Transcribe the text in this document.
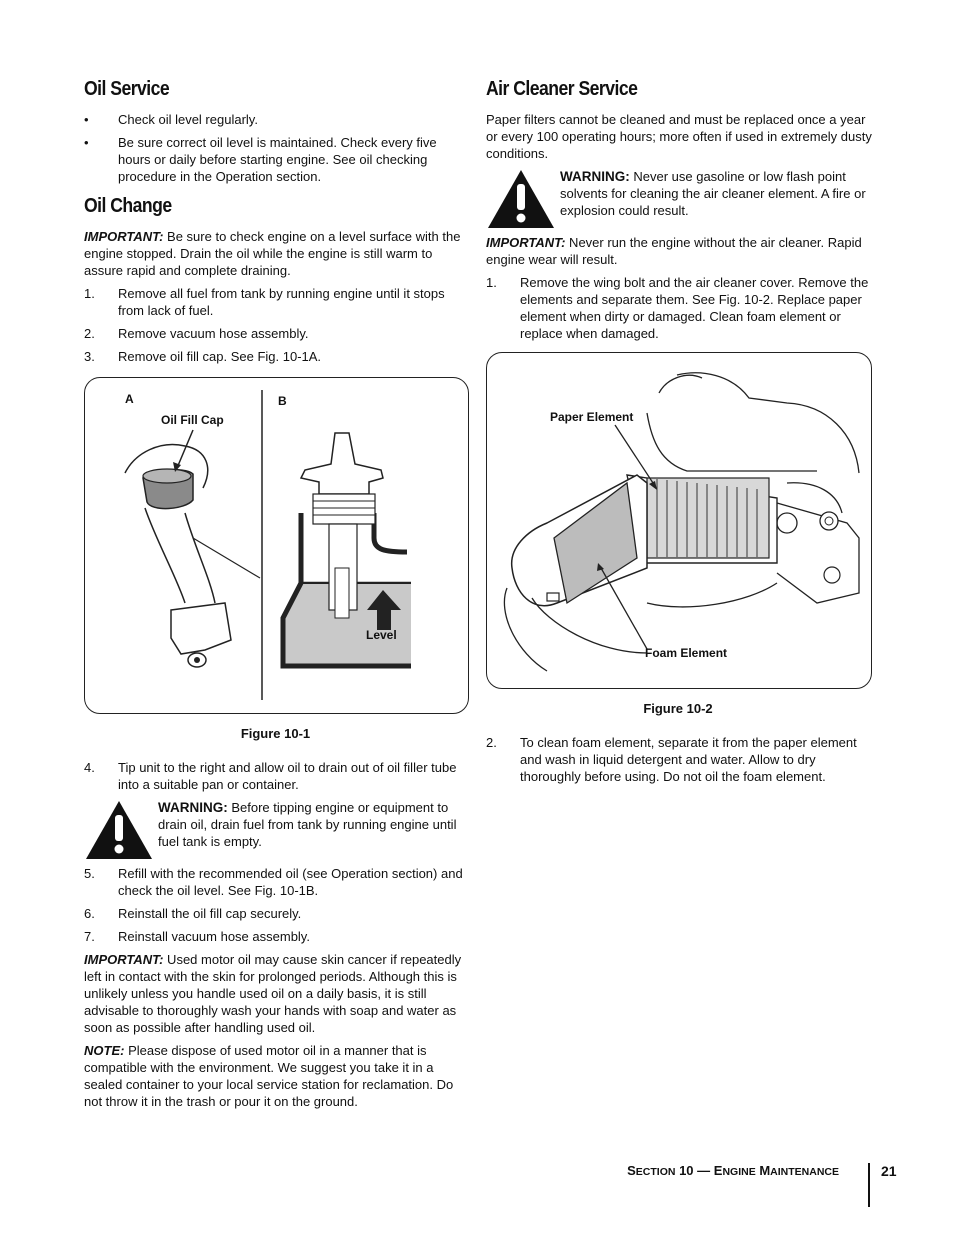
Oil Service
•	Check oil level regularly.
•	Be sure correct oil level is maintained. Check every five hours or daily before starting engine. See oil checking procedure in the Operation section.
Oil Change

IMPORTANT: Be sure to check engine on a level surface with the engine stopped. Drain the oil while the engine is still warm to assure rapid and complete draining.

1.	Remove all fuel from tank by running engine until it stops from lack of fuel.
2.	Remove vacuum hose assembly.
3.	Remove oil fill cap. See Fig. 10-1A.
A	B
Oil Fill Cap
Level
Figure 10-1
4.	Tip unit to the right and allow oil to drain out of oil filler tube into a suitable pan or container.
WARNING: Before tipping engine or equipment to drain oil, drain fuel from tank by running engine until fuel tank is empty.
5.	Refill with the recommended oil (see Operation section) and check the oil level. See Fig. 10-1B.
6.	Reinstall the oil fill cap securely.
7.	Reinstall vacuum hose assembly.

IMPORTANT: Used motor oil may cause skin cancer if repeatedly left in contact with the skin for prolonged periods. Although this is unlikely unless you handle used oil on a daily basis, it is still advisable to thoroughly wash your hands with soap and water as soon as possible after handling used oil.

NOTE: Please dispose of used motor oil in a manner that is compatible with the environment. We suggest you take it in a sealed container to your local service station for reclamation. Do not throw it in the trash or pour it on the ground.

Air Cleaner Service

Paper filters cannot be cleaned and must be replaced once a year or every 100 operating hours; more often if used in extremely dusty conditions.

WARNING: Never use gasoline or low flash point solvents for cleaning the air cleaner element. A fire or explosion could result.

IMPORTANT: Never run the engine without the air cleaner. Rapid engine wear will result.

1.	Remove the wing bolt and the air cleaner cover. Remove the elements and separate them. See Fig. 10-2. Replace paper element when dirty or damaged. Clean foam element or replace when damaged.
Paper Element
Foam Element
Figure 10-2
2.	To clean foam element, separate it from the paper element and wash in liquid detergent and water. Allow to dry thoroughly before using. Do not oil the foam element.
SECTION 10 — ENGINE MAINTENANCE	21
